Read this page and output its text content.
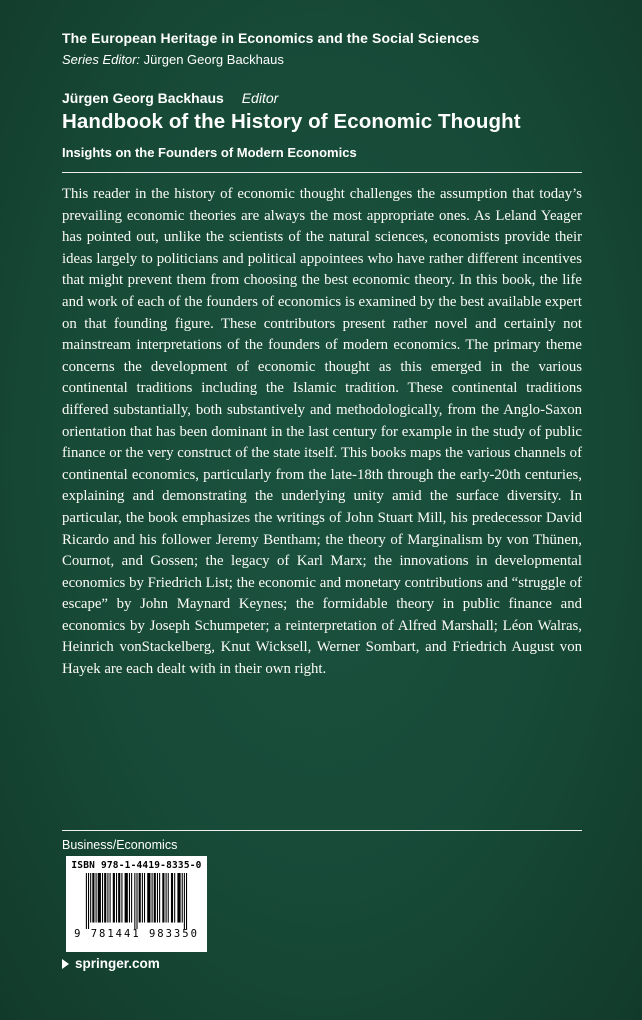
The European Heritage in Economics and the Social Sciences
Series Editor: Jürgen Georg Backhaus
Jürgen Georg Backhaus Editor
Handbook of the History of Economic Thought
Insights on the Founders of Modern Economics
This reader in the history of economic thought challenges the assumption that today’s prevailing economic theories are always the most appropriate ones. As Leland Yeager has pointed out, unlike the scientists of the natural sciences, economists provide their ideas largely to politicians and political appointees who have rather different incentives that might prevent them from choosing the best economic theory. In this book, the life and work of each of the founders of economics is examined by the best available expert on that founding figure. These contributors present rather novel and certainly not mainstream interpretations of the founders of modern economics. The primary theme concerns the development of economic thought as this emerged in the various continental traditions including the Islamic tradition. These continental traditions differed substantially, both substantively and methodologically, from the Anglo-Saxon orientation that has been dominant in the last century for example in the study of public finance or the very construct of the state itself. This books maps the various channels of continental economics, particularly from the late-18th through the early-20th centuries, explaining and demonstrating the underlying unity amid the surface diversity. In particular, the book emphasizes the writings of John Stuart Mill, his predecessor David Ricardo and his follower Jeremy Bentham; the theory of Marginalism by von Thünen, Cournot, and Gossen; the legacy of Karl Marx; the innovations in developmental economics by Friedrich List; the economic and monetary contributions and “struggle of escape” by John Maynard Keynes; the formidable theory in public finance and economics by Joseph Schumpeter; a reinterpretation of Alfred Marshall; Léon Walras, Heinrich vonStackelberg, Knut Wicksell, Werner Sombart, and Friedrich August von Hayek are each dealt with in their own right.
Business/Economics
ISBN 978-1-4419-8335-0
9 781441 983350
springer.com
